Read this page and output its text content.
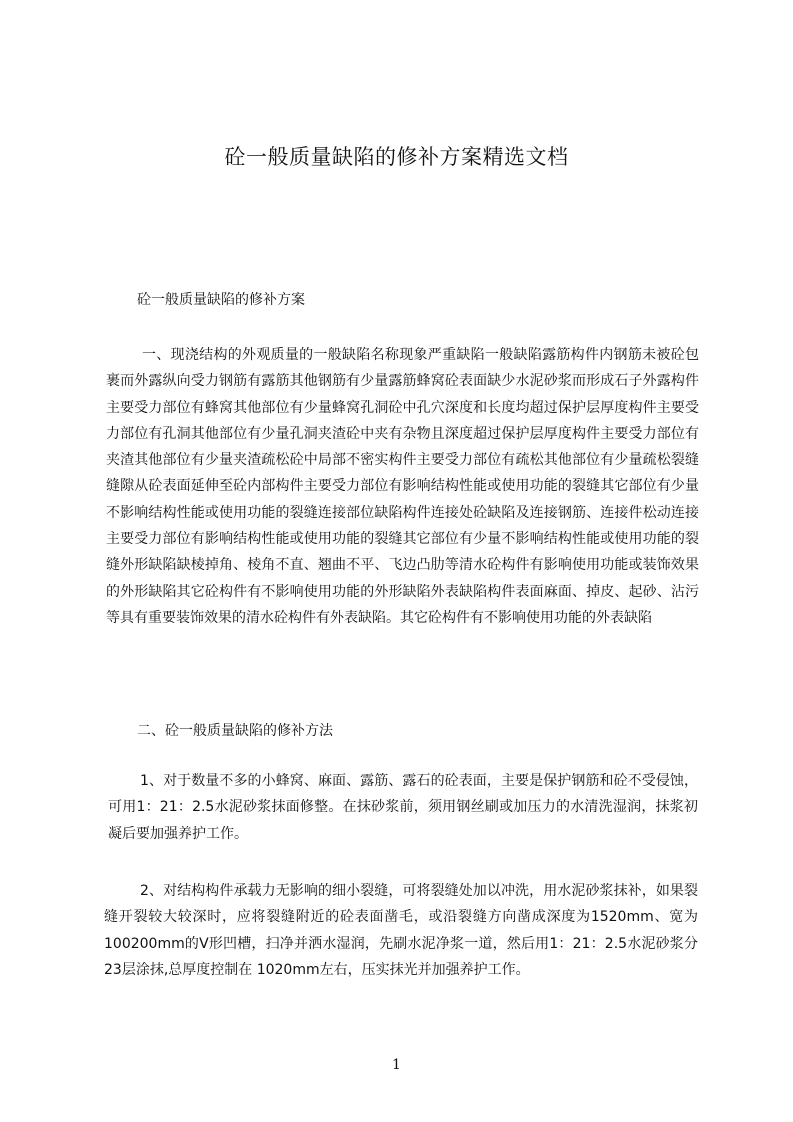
砼一般质量缺陷的修补方案精选文档

砼一般质量缺陷的修补方案

一、现浇结构的外观质量的一般缺陷名称现象严重缺陷一般缺陷露筋构件内钢筋未被砼包裹而外露纵向受力钢筋有露筋其他钢筋有少量露筋蜂窝砼表面缺少水泥砂浆而形成石子外露构件主要受力部位有蜂窝其他部位有少量蜂窝孔洞砼中孔穴深度和长度均超过保护层厚度构件主要受力部位有孔洞其他部位有少量孔洞夹渣砼中夹有杂物且深度超过保护层厚度构件主要受力部位有夹渣其他部位有少量夹渣疏松砼中局部不密实构件主要受力部位有疏松其他部位有少量疏松裂缝缝隙从砼表面延伸至砼内部构件主要受力部位有影响结构性能或使用功能的裂缝其它部位有少量不影响结构性能或使用功能的裂缝连接部位缺陷构件连接处砼缺陷及连接钢筋、连接件松动连接主要受力部位有影响结构性能或使用功能的裂缝其它部位有少量不影响结构性能或使用功能的裂缝外形缺陷缺棱掉角、棱角不直、翘曲不平、飞边凸肋等清水砼构件有影响使用功能或装饰效果的外形缺陷其它砼构件有不影响使用功能的外形缺陷外表缺陷构件表面麻面、掉皮、起砂、沾污等具有重要装饰效果的清水砼构件有外表缺陷。其它砼构件有不影响使用功能的外表缺陷

二、砼一般质量缺陷的修补方法

1、对于数量不多的小蜂窝、麻面、露筋、露石的砼表面，主要是保护钢筋和砼不受侵蚀，可用1：21：2.5水泥砂浆抹面修整。在抹砂浆前，须用钢丝刷或加压力的水清洗湿润，抹浆初凝后要加强养护工作。

2、对结构构件承载力无影响的细小裂缝，可将裂缝处加以冲洗，用水泥砂浆抹补，如果裂缝开裂较大较深时，应将裂缝附近的砼表面凿毛，或沿裂缝方向凿成深度为1520mm、宽为100200mm的V形凹槽，扫净并洒水湿润，先刷水泥净浆一道，然后用1：21：2.5水泥砂浆分23层涂抹,总厚度控制在 1020mm左右，压实抹光并加强养护工作。

1
